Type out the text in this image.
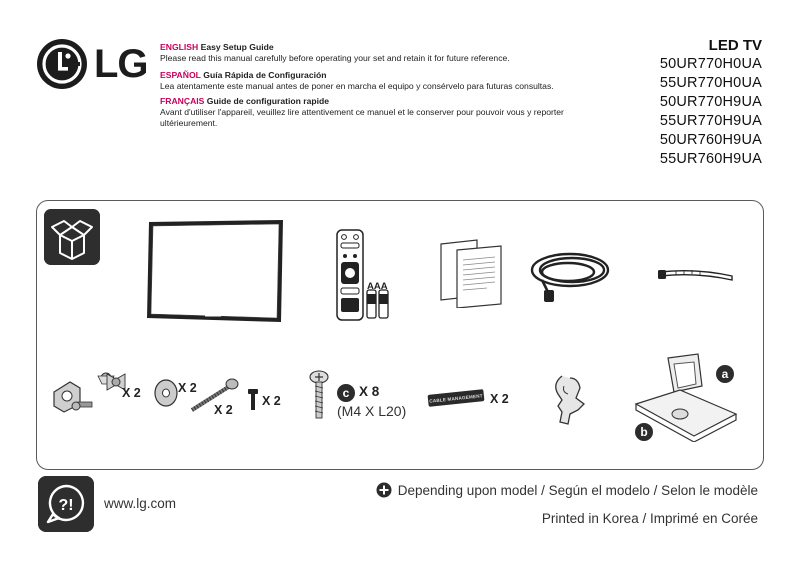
LG ENGLISH Easy Setup Guide
Please read this manual carefully before operating your set and retain it for future reference.
ESPAÑOL Guía Rápida de Configuración
Lea atentamente este manual antes de poner en marcha el equipo y consérvelo para futuras consultas.
FRANÇAIS Guide de configuration rapide
Avant d'utiliser l'appareil, veuillez lire attentivement ce manuel et le conserver pour pouvoir vous y reporter ultérieurement.
LED TV
50UR770H0UA
55UR770H0UA
50UR770H9UA
55UR770H9UA
50UR760H9UA
55UR760H9UA
AAA
X 2	X 2
X 2
X 2
c X 8
(M4 X L20)
CABLE MANAGEMENT X 2
a
b
?! www.lg.com
Depending upon model / Según el modelo / Selon le modèle
Printed in Korea / Imprimé en Corée
